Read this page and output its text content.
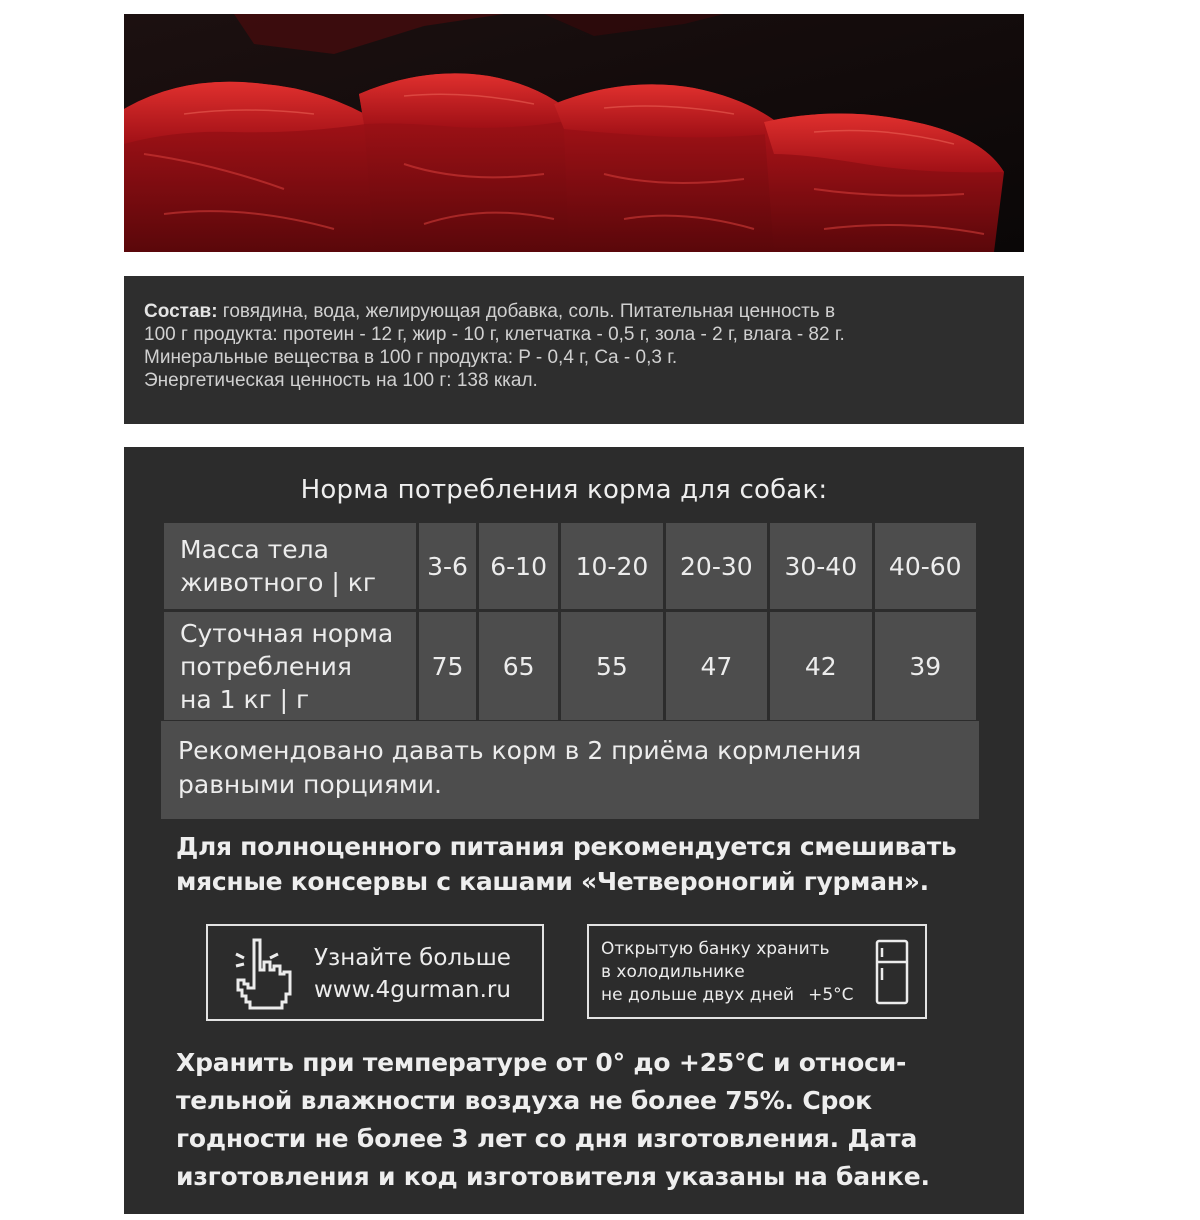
Состав: говядина, вода, желирующая добавка, соль. Питательная ценность в
100 г продукта: протеин - 12 г, жир - 10 г, клетчатка - 0,5 г, зола - 2 г, влага - 82 г.
Минеральные вещества в 100 г продукта: P - 0,4 г, Ca - 0,3 г.
Энергетическая ценность на 100 г: 138 ккал.
Норма потребления корма для собак:
Масса тела
животного | кг	3-6	6-10	10-20	20-30	30-40	40-60

Суточная норма
потребления
на 1 кг | г	75	65	55	47	42	39
Рекомендовано давать корм в 2 приёма кормления
равными порциями.
Для полноценного питания рекомендуется смешивать
мясные консервы с кашами «Четвероногий гурман».
Узнайте больше
www.4gurman.ru
Открытую банку хранить
в холодильнике
не дольше двух дней +5°C
Хранить при температуре от 0° до +25°C и относи-
тельной влажности воздуха не более 75%. Срок
годности не более 3 лет со дня изготовления. Дата
изготовления и код изготовителя указаны на банке.
